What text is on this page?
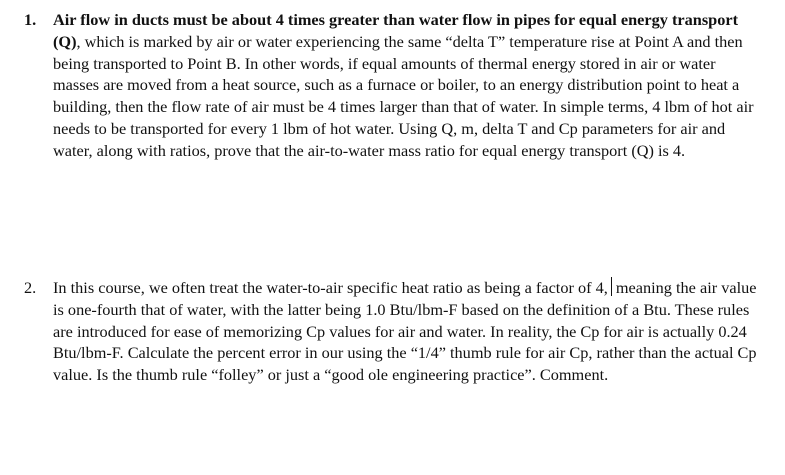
1.	Air flow in ducts must be about 4 times greater than water flow in pipes for equal energy transport (Q), which is marked by air or water experiencing the same “delta T” temperature rise at Point A and then being transported to Point B. In other words, if equal amounts of thermal energy stored in air or water masses are moved from a heat source, such as a furnace or boiler, to an energy distribution point to heat a building, then the flow rate of air must be 4 times larger than that of water. In simple terms, 4 lbm of hot air needs to be transported for every 1 lbm of hot water. Using Q, m, delta T and Cp parameters for air and water, along with ratios, prove that the air-to-water mass ratio for equal energy transport (Q) is 4.
2.	In this course, we often treat the water-to-air specific heat ratio as being a factor of 4, meaning the air value is one-fourth that of water, with the latter being 1.0 Btu/lbm-F based on the definition of a Btu. These rules are introduced for ease of memorizing Cp values for air and water. In reality, the Cp for air is actually 0.24 Btu/lbm-F. Calculate the percent error in our using the “1/4” thumb rule for air Cp, rather than the actual Cp value. Is the thumb rule “folley” or just a “good ole engineering practice”. Comment.
